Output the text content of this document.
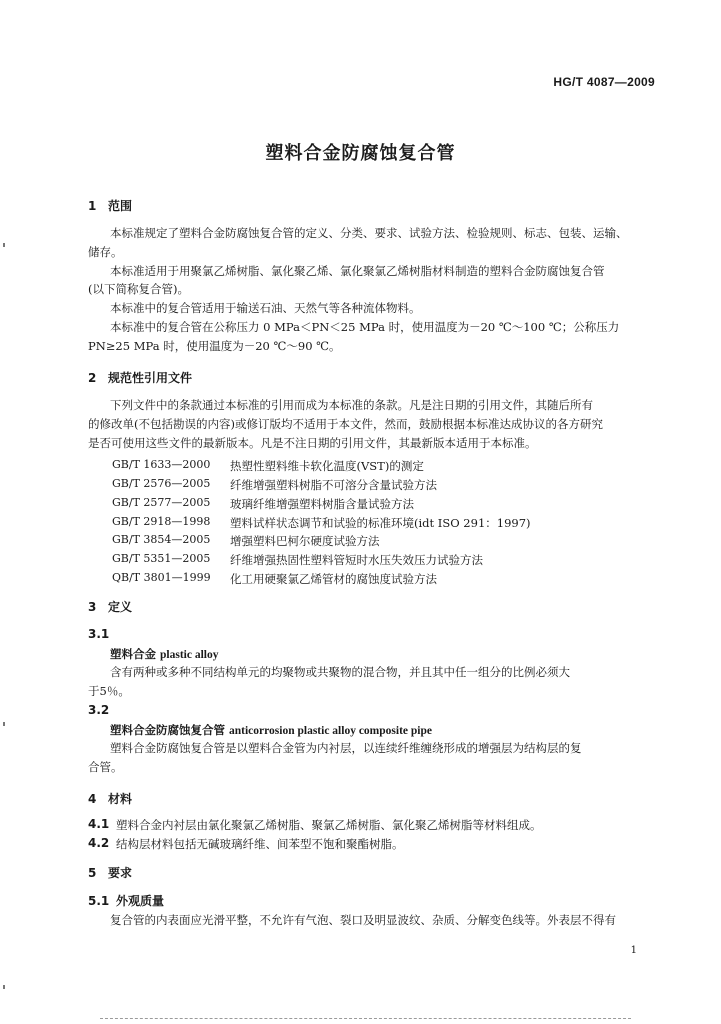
HG/T 4087—2009
塑料合金防腐蚀复合管
1 范围
本标准规定了塑料合金防腐蚀复合管的定义、分类、要求、试验方法、检验规则、标志、包装、运输、
储存。
本标准适用于用聚氯乙烯树脂、氯化聚乙烯、氯化聚氯乙烯树脂材料制造的塑料合金防腐蚀复合管
(以下简称复合管)。
本标准中的复合管适用于输送石油、天然气等各种流体物料。
本标准中的复合管在公称压力 0 MPa＜PN＜25 MPa 时，使用温度为－20 ℃～100 ℃；公称压力
PN≥25 MPa 时，使用温度为－20 ℃～90 ℃。
2 规范性引用文件
下列文件中的条款通过本标准的引用而成为本标准的条款。凡是注日期的引用文件，其随后所有
的修改单(不包括勘误的内容)或修订版均不适用于本文件，然而，鼓励根据本标准达成协议的各方研究
是否可使用这些文件的最新版本。凡是不注日期的引用文件，其最新版本适用于本标准。
GB/T 1633—2000 热塑性塑料维卡软化温度(VST)的测定
GB/T 2576—2005 纤维增强塑料树脂不可溶分含量试验方法
GB/T 2577—2005 玻璃纤维增强塑料树脂含量试验方法
GB/T 2918—1998 塑料试样状态调节和试验的标准环境(idt ISO 291：1997)
GB/T 3854—2005 增强塑料巴柯尔硬度试验方法
GB/T 5351—2005 纤维增强热固性塑料管短时水压失效压力试验方法
QB/T 3801—1999 化工用硬聚氯乙烯管材的腐蚀度试验方法
3 定义
3.1
塑料合金 plastic alloy
含有两种或多种不同结构单元的均聚物或共聚物的混合物，并且其中任一组分的比例必须大
于5％。
3.2
塑料合金防腐蚀复合管 anticorrosion plastic alloy composite pipe
塑料合金防腐蚀复合管是以塑料合金管为内衬层，以连续纤维缠绕形成的增强层为结构层的复
合管。
4 材料
4.1 塑料合金内衬层由氯化聚氯乙烯树脂、聚氯乙烯树脂、氯化聚乙烯树脂等材料组成。
4.2 结构层材料包括无碱玻璃纤维、间苯型不饱和聚酯树脂。
5 要求
5.1 外观质量
复合管的内表面应光滑平整，不允许有气泡、裂口及明显波纹、杂质、分解变色线等。外表层不得有
1
